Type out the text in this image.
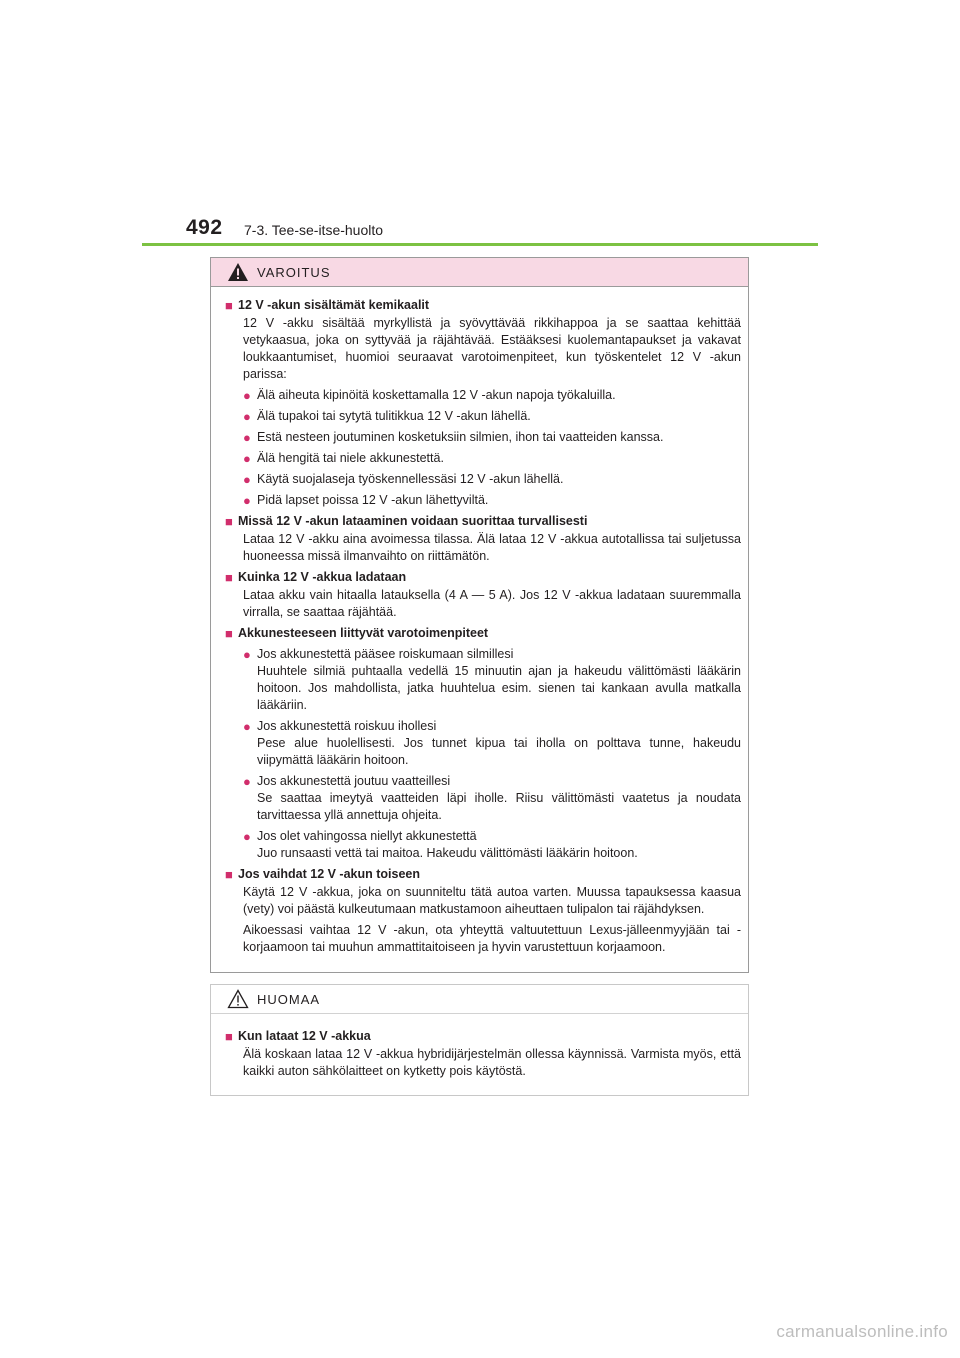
492 7-3. Tee-se-itse-huolto
VAROITUS
■ 12 V -akun sisältämät kemikaalit

12 V -akku sisältää myrkyllistä ja syövyttävää rikkihappoa ja se saattaa kehittää vetykaasua, joka on syttyvää ja räjähtävää. Estääksesi kuolemantapaukset ja vakavat loukkaantumiset, huomioi seuraavat varotoimenpiteet, kun työskentelet 12 V -akun parissa:

● Älä aiheuta kipinöitä koskettamalla 12 V -akun napoja työkaluilla.
● Älä tupakoi tai sytytä tulitikkua 12 V -akun lähellä.
● Estä nesteen joutuminen kosketuksiin silmien, ihon tai vaatteiden kanssa.
● Älä hengitä tai niele akkunestettä.
● Käytä suojalaseja työskennellessäsi 12 V -akun lähellä.
● Pidä lapset poissa 12 V -akun lähettyviltä.
■ Missä 12 V -akun lataaminen voidaan suorittaa turvallisesti

Lataa 12 V -akku aina avoimessa tilassa. Älä lataa 12 V -akkua autotallissa tai suljetussa huoneessa missä ilmanvaihto on riittämätön.

■ Kuinka 12 V -akkua ladataan

Lataa akku vain hitaalla latauksella (4 A — 5 A). Jos 12 V -akkua ladataan suuremmalla virralla, se saattaa räjähtää.

■ Akkunesteeseen liittyvät varotoimenpiteet
● Jos akkunestettä pääsee roiskumaan silmillesi
Huuhtele silmiä puhtaalla vedellä 15 minuutin ajan ja hakeudu välittömästi lääkärin hoitoon. Jos mahdollista, jatka huuhtelua esim. sienen tai kankaan avulla matkalla lääkäriin.
● Jos akkunestettä roiskuu ihollesi
Pese alue huolellisesti. Jos tunnet kipua tai iholla on polttava tunne, hakeudu viipymättä lääkärin hoitoon.
● Jos akkunestettä joutuu vaatteillesi
Se saattaa imeytyä vaatteiden läpi iholle. Riisu välittömästi vaatetus ja noudata tarvittaessa yllä annettuja ohjeita.
● Jos olet vahingossa niellyt akkunestettä
Juo runsaasti vettä tai maitoa. Hakeudu välittömästi lääkärin hoitoon.
■ Jos vaihdat 12 V -akun toiseen

Käytä 12 V -akkua, joka on suunniteltu tätä autoa varten. Muussa tapauksessa kaasua (vety) voi päästä kulkeutumaan matkustamoon aiheuttaen tulipalon tai räjähdyksen.

Aikoessasi vaihtaa 12 V -akun, ota yhteyttä valtuutettuun Lexus-jälleenmyyjään tai -korjaamoon tai muuhun ammattitaitoiseen ja hyvin varustettuun korjaamoon.

HUOMAA
■ Kun lataat 12 V -akkua

Älä koskaan lataa 12 V -akkua hybridijärjestelmän ollessa käynnissä. Varmista myös, että kaikki auton sähkölaitteet on kytketty pois käytöstä.

carmanualsonline.info
